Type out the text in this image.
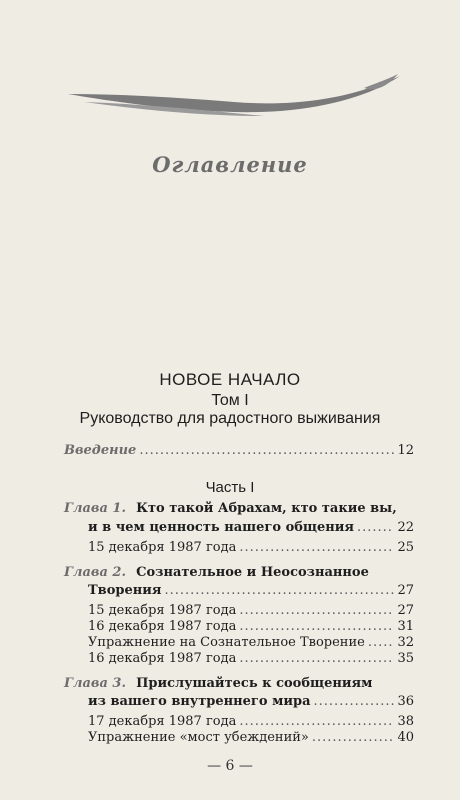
Оглавление
НОВОЕ НАЧАЛО
Том I
Руководство для радостного выживания
Введение .....	12
Часть I
Глава 1. Кто такой Абрахам, кто такие вы,
и в чем ценность нашего общения .....	22
15 декабря 1987 года .....	25
Глава 2. Сознательное и Неосознанное
Творения .....	27
15 декабря 1987 года .....	27
16 декабря 1987 года .....	31
Упражнение на Сознательное Творение .....	32
16 декабря 1987 года .....	35
Глава 3. Прислушайтесь к сообщениям
из вашего внутреннего мира .....	36
17 декабря 1987 года .....	38
Упражнение «мост убеждений» .....	40
— 6 —
